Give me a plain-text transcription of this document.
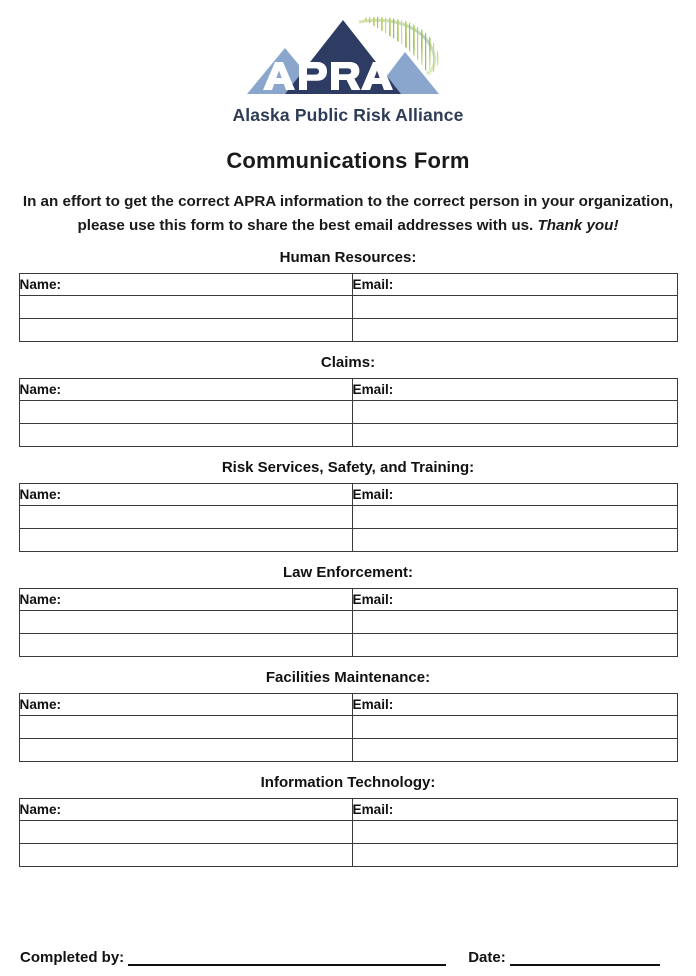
Alaska Public Risk Alliance
Communications Form
In an effort to get the correct APRA information to the correct person in your organization,
please use this form to share the best email addresses with us. Thank you!
Human Resources:
Name:	Email:

Claims:
Name:	Email:

Risk Services, Safety, and Training:
Name:	Email:

Law Enforcement:
Name:	Email:

Facilities Maintenance:
Name:	Email:

Information Technology:
Name:	Email:

Completed by:	Date:
